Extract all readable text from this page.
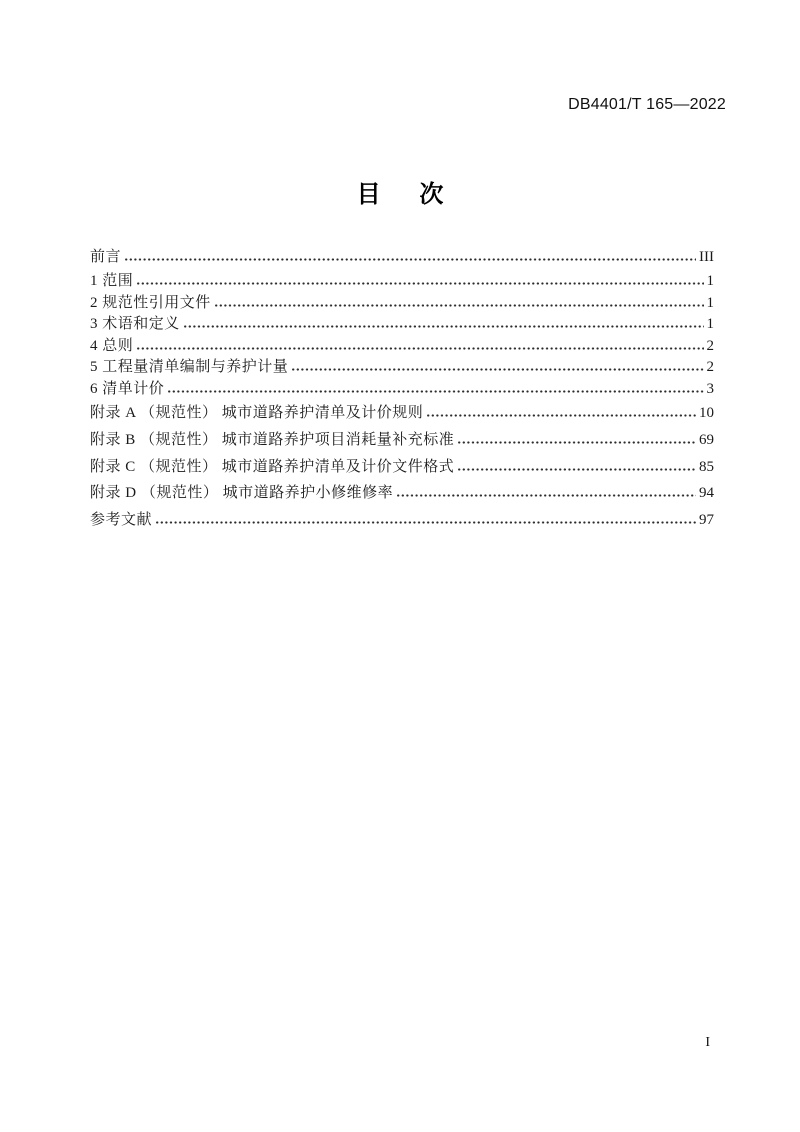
DB4401/T 165—2022
目 次
前言	III
1 范围	1
2 规范性引用文件	1
3 术语和定义	1
4 总则	2
5 工程量清单编制与养护计量	2
6 清单计价	3
附录 A （规范性） 城市道路养护清单及计价规则	10
附录 B （规范性） 城市道路养护项目消耗量补充标准	69
附录 C （规范性） 城市道路养护清单及计价文件格式	85
附录 D （规范性） 城市道路养护小修维修率	94
参考文献	97
I
